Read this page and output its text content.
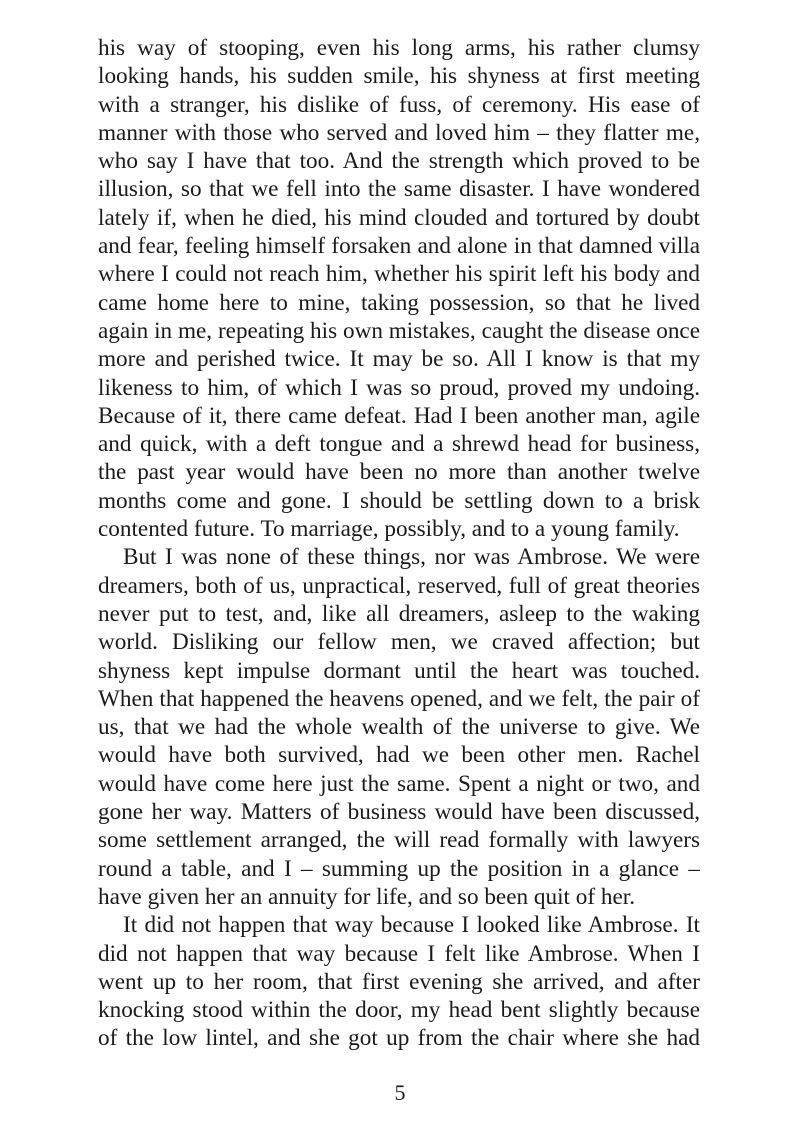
his way of stooping, even his long arms, his rather clumsy looking hands, his sudden smile, his shyness at first meeting with a stranger, his dislike of fuss, of ceremony. His ease of manner with those who served and loved him – they flatter me, who say I have that too. And the strength which proved to be illusion, so that we fell into the same disaster. I have wondered lately if, when he died, his mind clouded and tortured by doubt and fear, feeling himself forsaken and alone in that damned villa where I could not reach him, whether his spirit left his body and came home here to mine, taking possession, so that he lived again in me, repeating his own mistakes, caught the disease once more and perished twice. It may be so. All I know is that my likeness to him, of which I was so proud, proved my undoing. Because of it, there came defeat. Had I been another man, agile and quick, with a deft tongue and a shrewd head for business, the past year would have been no more than another twelve months come and gone. I should be settling down to a brisk contented future. To marriage, possibly, and to a young family.

But I was none of these things, nor was Ambrose. We were dreamers, both of us, unpractical, reserved, full of great theories never put to test, and, like all dreamers, asleep to the waking world. Disliking our fellow men, we craved affection; but shyness kept impulse dormant until the heart was touched. When that happened the heavens opened, and we felt, the pair of us, that we had the whole wealth of the universe to give. We would have both survived, had we been other men. Rachel would have come here just the same. Spent a night or two, and gone her way. Matters of business would have been discussed, some settlement arranged, the will read formally with lawyers round a table, and I – summing up the position in a glance – have given her an annuity for life, and so been quit of her.

It did not happen that way because I looked like Ambrose. It did not happen that way because I felt like Ambrose. When I went up to her room, that first evening she arrived, and after knocking stood within the door, my head bent slightly because of the low lintel, and she got up from the chair where she had

5
